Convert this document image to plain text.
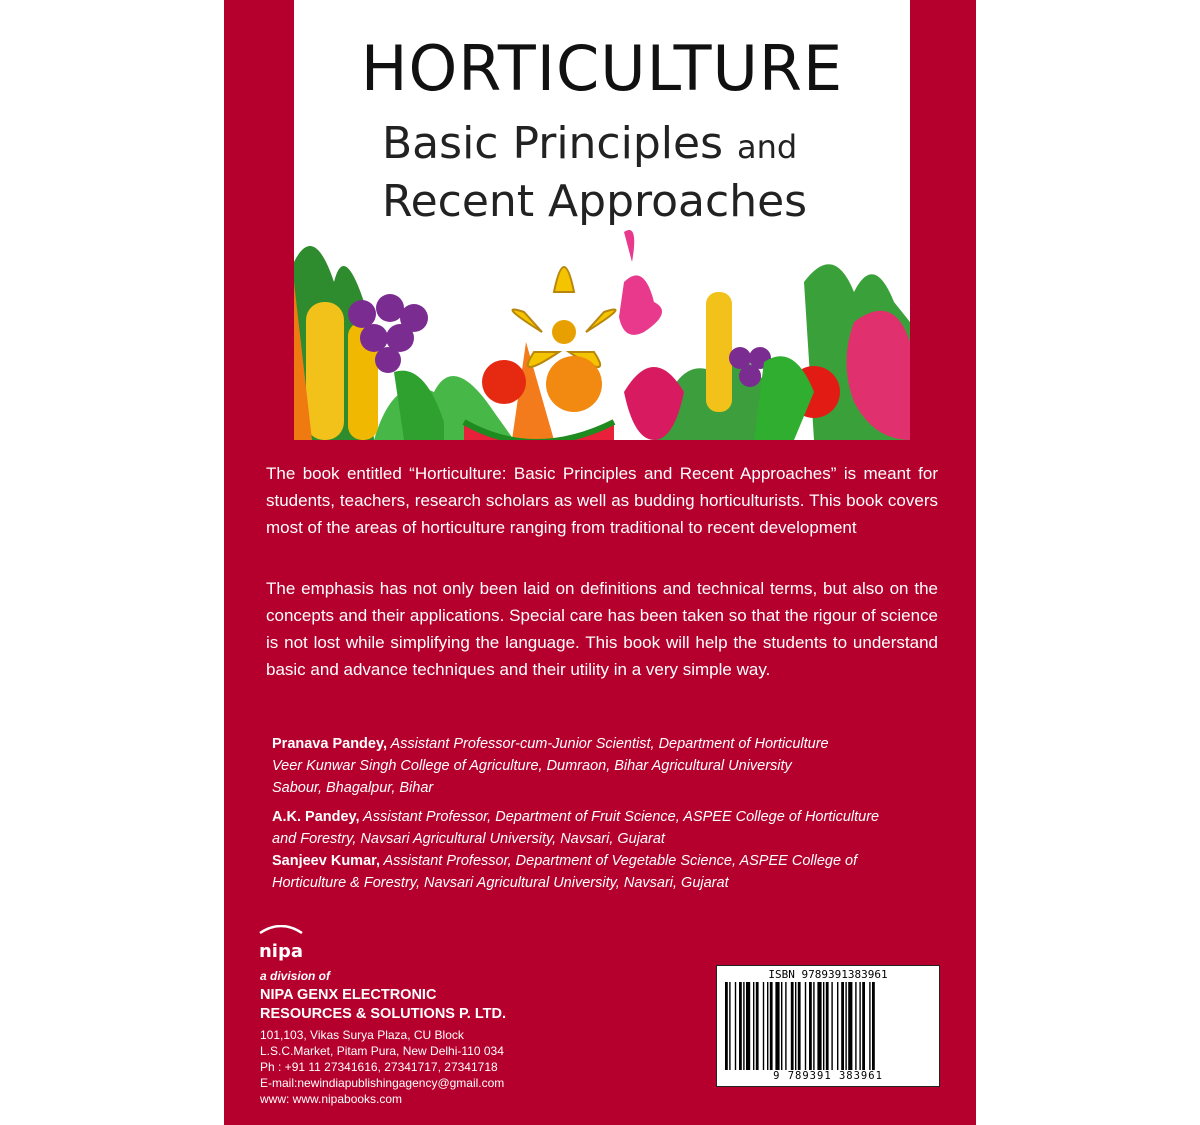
HORTICULTURE
Basic Principles and
Recent Approaches
The book entitled “Horticulture: Basic Principles and Recent Approaches” is meant for students, teachers, research scholars as well as budding horticulturists. This book covers most of the areas of horticulture ranging from traditional to recent development
The emphasis has not only been laid on definitions and technical terms, but also on the concepts and their applications. Special care has been taken so that the rigour of science is not lost while simplifying the language. This book will help the students to understand basic and advance techniques and their utility in a very simple way.
Pranava Pandey, Assistant Professor-cum-Junior Scientist, Department of Horticulture
Veer Kunwar Singh College of Agriculture, Dumraon, Bihar Agricultural University
Sabour, Bhagalpur, Bihar
A.K. Pandey, Assistant Professor, Department of Fruit Science, ASPEE College of Horticulture
and Forestry, Navsari Agricultural University, Navsari, Gujarat
Sanjeev Kumar, Assistant Professor, Department of Vegetable Science, ASPEE College of
Horticulture & Forestry, Navsari Agricultural University, Navsari, Gujarat
nipa
a division of
NIPA GENX ELECTRONIC
RESOURCES & SOLUTIONS P. LTD.
101,103, Vikas Surya Plaza, CU Block
L.S.C.Market, Pitam Pura, New Delhi-110 034
Ph : +91 11 27341616, 27341717, 27341718
E-mail:newindiapublishingagency@gmail.com
www: www.nipabooks.com
ISBN 9789391383961
9 789391 383961
